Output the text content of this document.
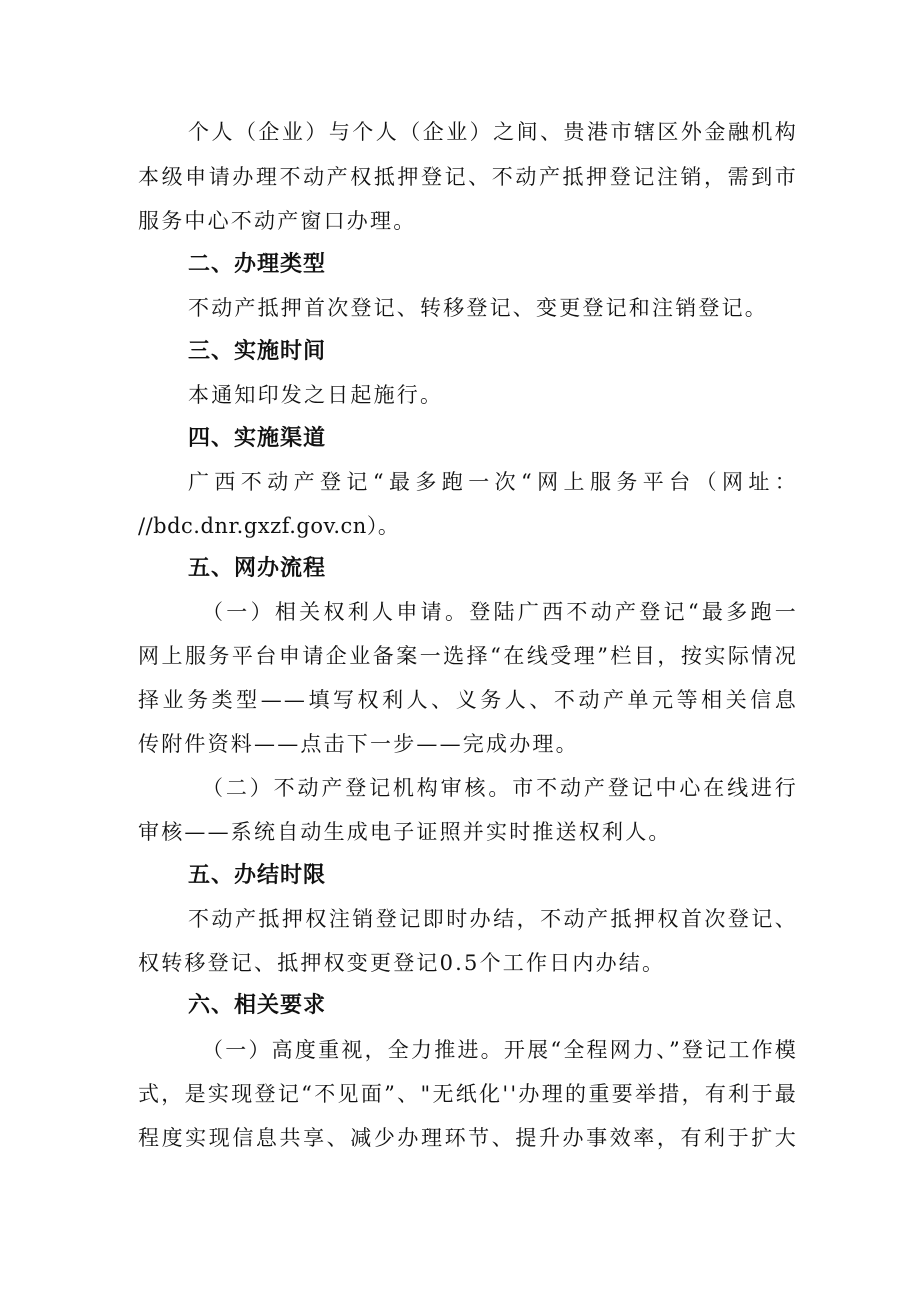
个人（企业）与个人（企业）之间、贵港市辖区外金融机构
本级申请办理不动产权抵押登记、不动产抵押登记注销，需到市
服务中心不动产窗口办理。
二、办理类型
不动产抵押首次登记、转移登记、变更登记和注销登记。
三、实施时间
本通知印发之日起施行。
四、实施渠道
广西不动产登记“最多跑一次“网上服务平台（网址：
//bdc.dnr.gxzf.gov.cn）。
五、网办流程
（一）相关权利人申请。登陆广西不动产登记“最多跑一
网上服务平台申请企业备案一选择“在线受理”栏目，按实际情况
择业务类型——填写权利人、义务人、不动产单元等相关信息
传附件资料——点击下一步——完成办理。
（二）不动产登记机构审核。市不动产登记中心在线进行
审核——系统自动生成电子证照并实时推送权利人。
五、办结时限
不动产抵押权注销登记即时办结，不动产抵押权首次登记、
权转移登记、抵押权变更登记0.5个工作日内办结。
六、相关要求
（一）高度重视，全力推进。开展“全程网力、”登记工作模
式，是实现登记“不见面”、"无纸化''办理的重要举措，有利于最
程度实现信息共享、减少办理环节、提升办事效率，有利于扩大
